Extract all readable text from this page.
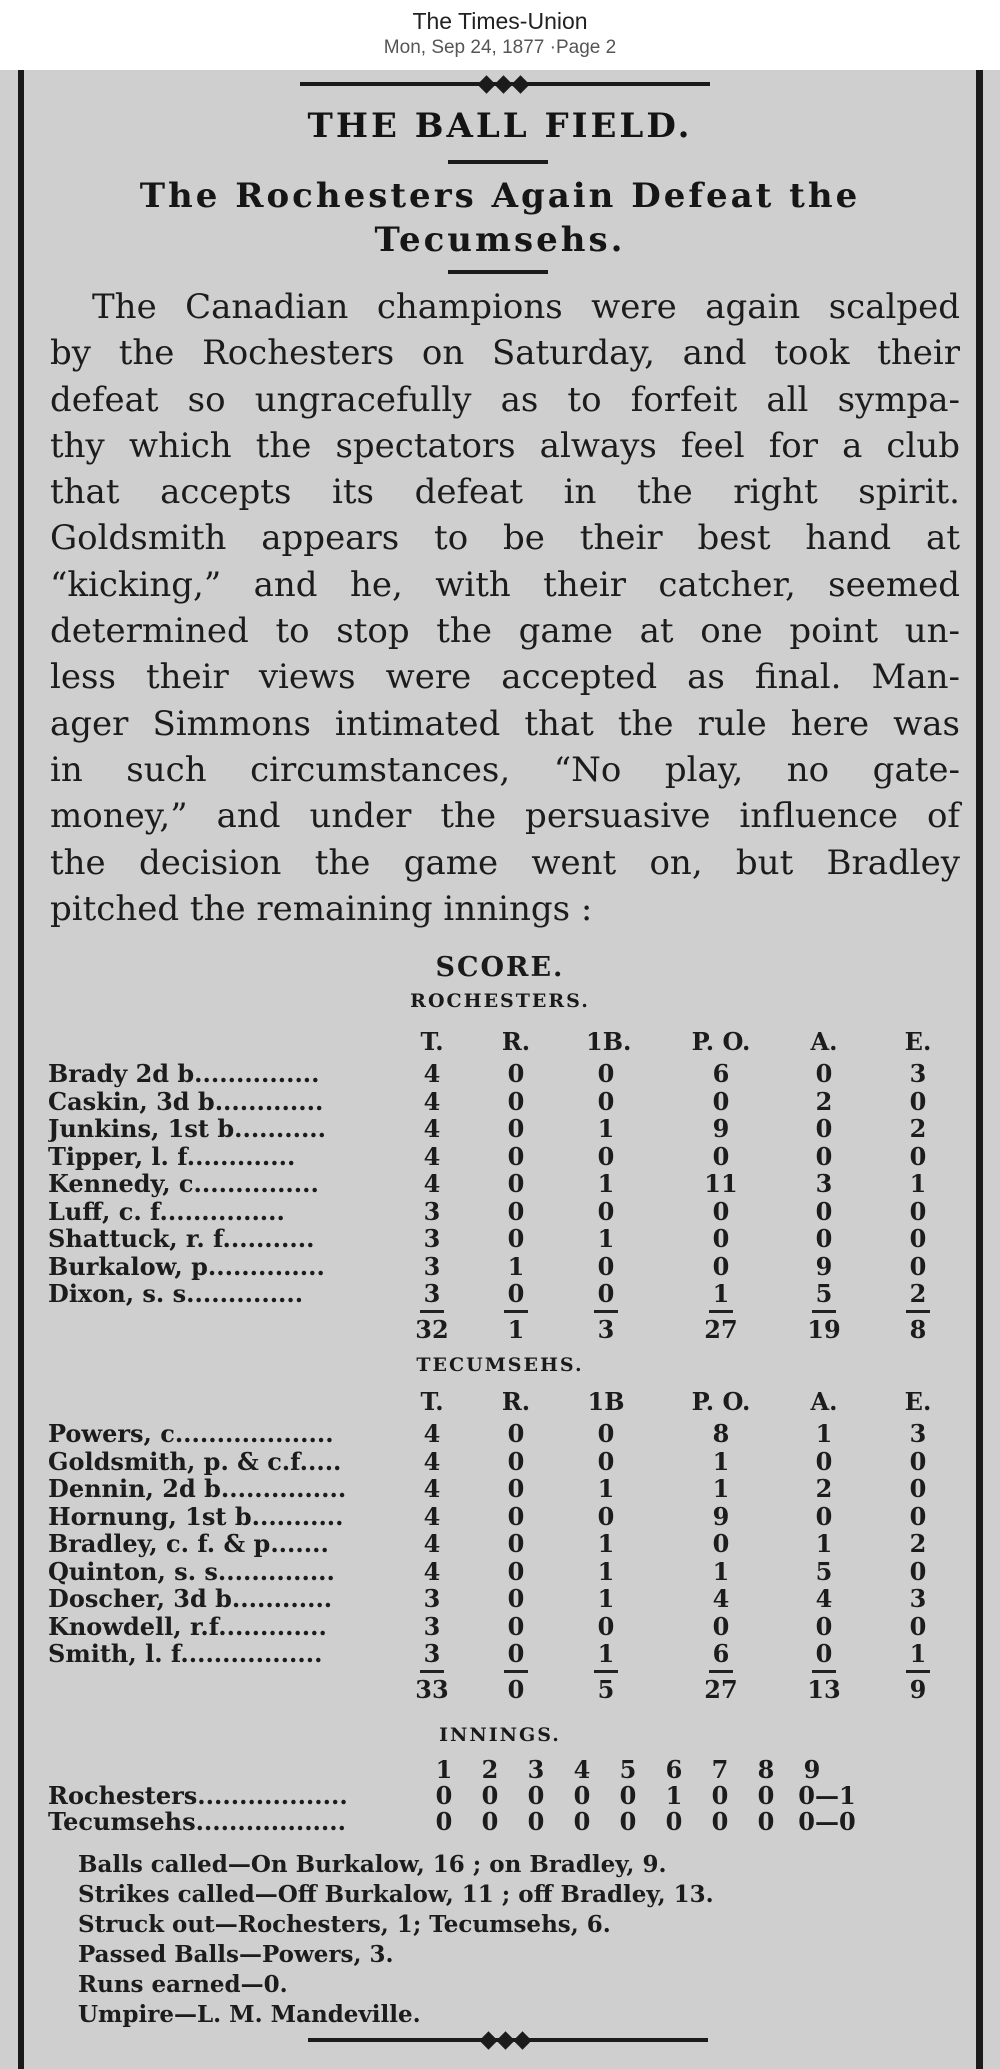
The Times-Union
Mon, Sep 24, 1877 ·Page 2
THE BALL FIELD.
The Rochesters Again Defeat the
Tecumsehs.
The Canadian champions were again scalped
by the Rochesters on Saturday, and took their
defeat so ungracefully as to forfeit all sympa-
thy which the spectators always feel for a club
that accepts its defeat in the right spirit.
Goldsmith appears to be their best hand at
“kicking,” and he, with their catcher, seemed
determined to stop the game at one point un-
less their views were accepted as final. Man-
ager Simmons intimated that the rule here was
in such circumstances, “No play, no gate-
money,” and under the persuasive influence of
the decision the game went on, but Bradley
pitched the remaining innings :
SCORE.
ROCHESTERS.
T.	R. 1B.	P. O.	A.	E.
Brady 2d b...............	4	0	0	6	0	3
Caskin, 3d b.............	4	0	0	0	2	0
Junkins, 1st b...........	4	0	1	9	0	2
Tipper, l. f.............	4	0	0	0	0	0
Kennedy, c...............	4	0	1	11	3	1
Luff, c. f...............	3	0	0	0	0	0
Shattuck, r. f...........	3	0	1	0	0	0
Burkalow, p..............	3	1	0	0	9	0
Dixon, s. s..............	3	0	0	1	5	2
32	1	3	27	19	8
TECUMSEHS.
T.	R. 1B	P. O.	A.	E.
Powers, c...................	4	0	0	8	1	3
Goldsmith, p. & c.f.....	4	0	0	1	0	0
Dennin, 2d b...............	4	0	1	1	2	0
Hornung, 1st b...........	4	0	0	9	0	0
Bradley, c. f. & p.......	4	0	1	0	1	2
Quinton, s. s..............	4	0	1	1	5	0
Doscher, 3d b............	3	0	1	4	4	3
Knowdell, r.f.............	3	0	0	0	0	0
Smith, l. f.................	3	0	1	6	0	1
33	0	5	27	13	9
INNINGS.
1	2	3	4	5	6	7	8	9
Rochesters..................	0	0	0	0	0	1	0	0 0—1
Tecumsehs..................	0	0	0	0	0	0	0	0 0—0
Balls called—On Burkalow, 16 ; on Bradley, 9.
Strikes called—Off Burkalow, 11 ; off Bradley, 13.
Struck out—Rochesters, 1; Tecumsehs, 6.
Passed Balls—Powers, 3.
Runs earned—0.
Umpire—L. M. Mandeville.
